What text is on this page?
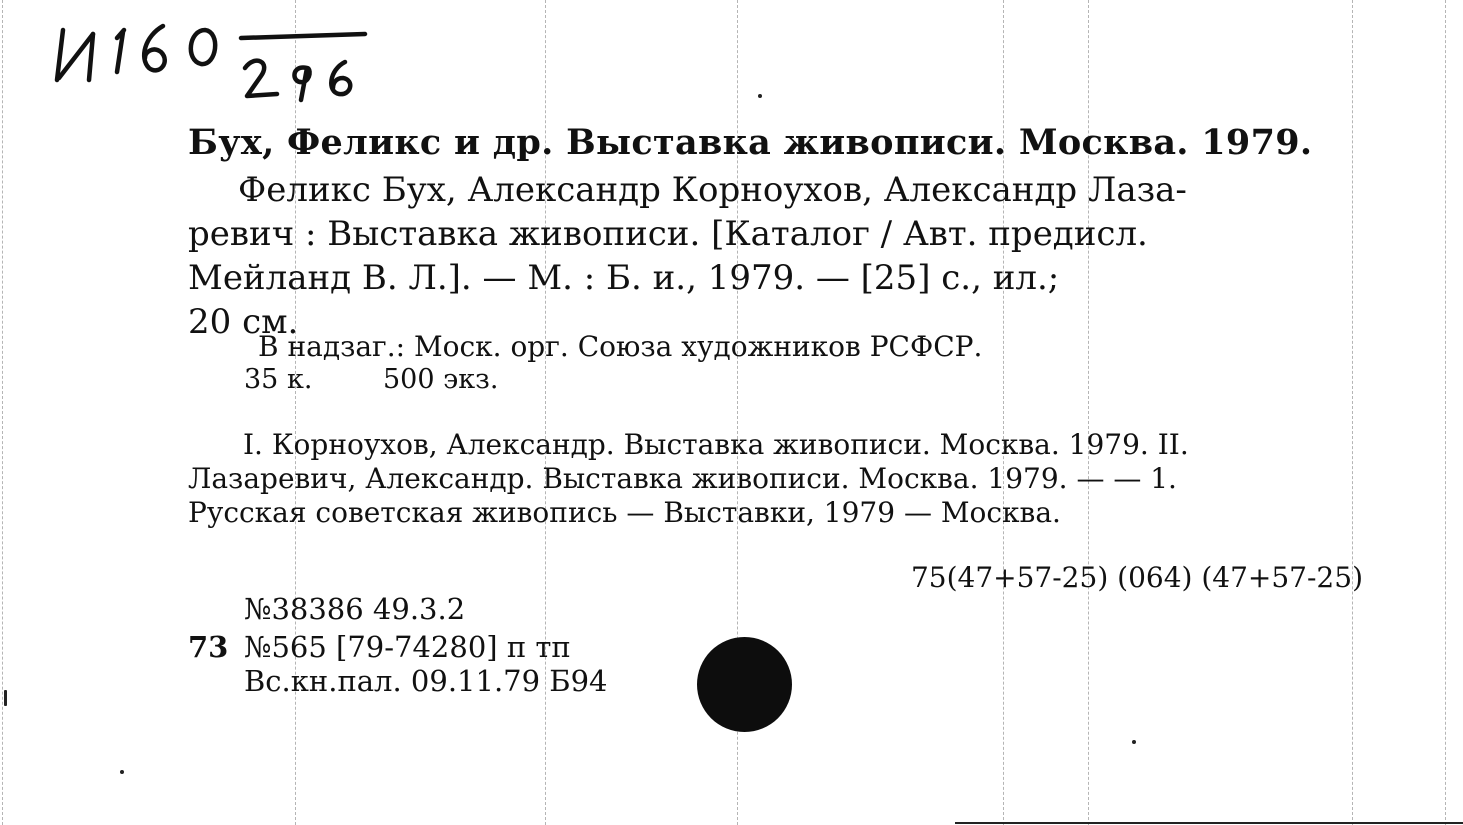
Бух, Феликс и др. Выставка живописи. Москва. 1979.
Феликс Бух, Александр Корноухов, Александр Лаза-
ревич : Выставка живописи. [Каталог / Авт. предисл.
Мейланд В. Л.]. — М. : Б. и., 1979. — [25] с., ил.;
20 см.
В надзаг.: Моск. орг. Союза художников РСФСР.
35 к.	500 экз.
I. Корноухов, Александр. Выставка живописи. Москва. 1979. II.
Лазаревич, Александр. Выставка живописи. Москва. 1979. — — 1.
Русская советская живопись — Выставки, 1979 — Москва.
75(47+57-25) (064) (47+57-25)
№38386 49.3.2
73 №565 [79-74280] п тп
Вс.кн.пал. 09.11.79 Б94
